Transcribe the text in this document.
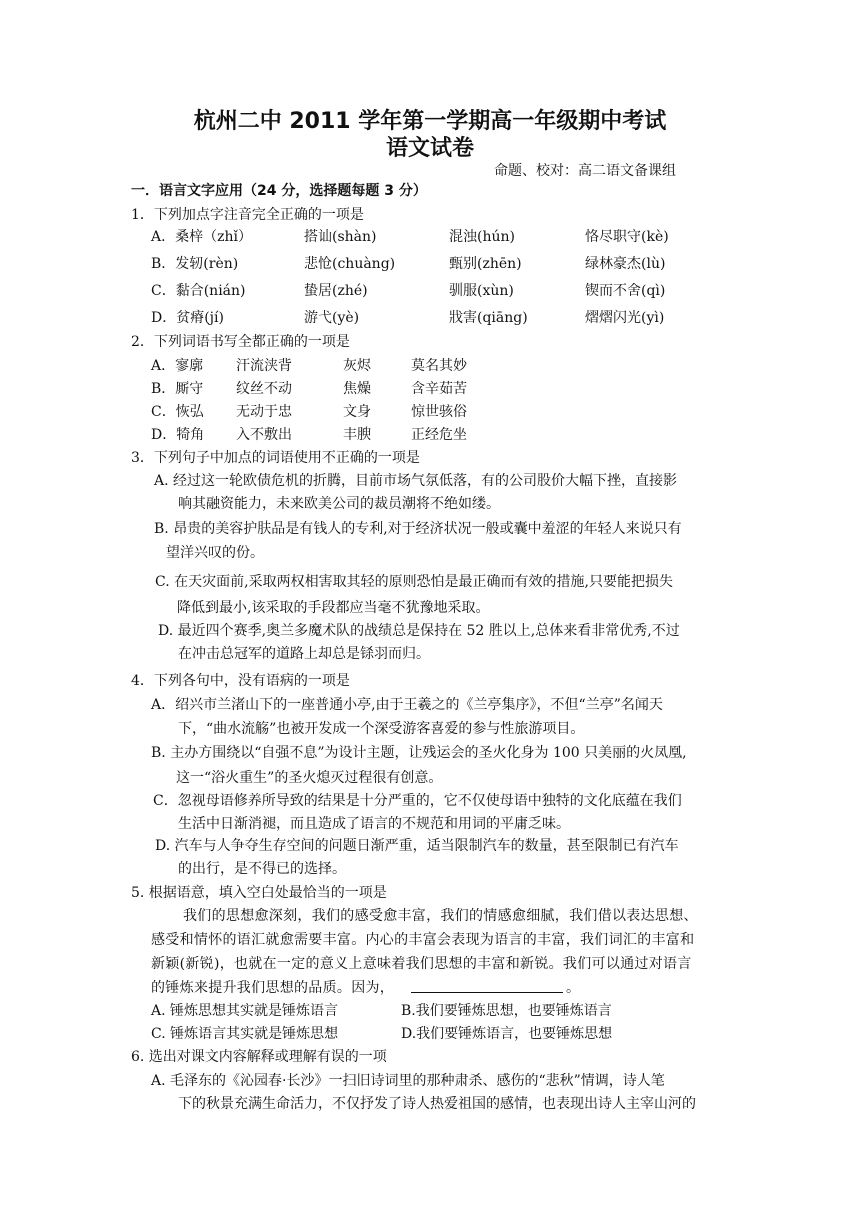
杭州二中 2011 学年第一学期高一年级期中考试
语文试卷
命题、校对：高二语文备课组
一．语言文字应用（24 分，选择题每题 3 分）
1．下列加点字注音完全正确的一项是
A．桑梓（zhǐ）	搭讪(shàn)	混浊(hún)	恪尽职守(kè)
B．发轫(rèn)	悲怆(chuàng)	甄别(zhēn)	绿林豪杰(lù)
C．黏合(nián)	蛰居(zhé)	驯服(xùn)	锲而不舍(qì)
D．贫瘠(jí)	游弋(yè)	戕害(qiāng)	熠熠闪光(yì)
2．下列词语书写全都正确的一项是
A．寥廓 汗流浃背	灰烬	莫名其妙
B．厮守 纹丝不动	焦燥	含辛茹苦
C．恢弘 无动于忠	文身	惊世骇俗
D．犄角 入不敷出	丰腴	正经危坐
3．下列句子中加点的词语使用不正确的一项是
A. 经过这一轮欧债危机的折腾，目前市场气氛低落，有的公司股价大幅下挫，直接影
响其融资能力，未来欧美公司的裁员潮将不绝如缕。
B. 昂贵的美容护肤品是有钱人的专利,对于经济状况一般或囊中羞涩的年轻人来说只有
望洋兴叹的份。
C. 在天灾面前,采取两权相害取其轻的原则恐怕是最正确而有效的措施,只要能把损失
降低到最小,该采取的手段都应当毫不犹豫地采取。
D. 最近四个赛季,奥兰多魔术队的战绩总是保持在 52 胜以上,总体来看非常优秀,不过
在冲击总冠军的道路上却总是铩羽而归。
4．下列各句中，没有语病的一项是
A．绍兴市兰渚山下的一座普通小亭,由于王羲之的《兰亭集序》，不但“兰亭”名闻天
下，“曲水流觞”也被开发成一个深受游客喜爱的参与性旅游项目。
B. 主办方围绕以“自强不息”为设计主题，让残运会的圣火化身为 100 只美丽的火凤凰,
这一“浴火重生”的圣火熄灭过程很有创意。
C．忽视母语修养所导致的结果是十分严重的，它不仅使母语中独特的文化底蕴在我们
生活中日渐消褪，而且造成了语言的不规范和用词的平庸乏味。
D. 汽车与人争夺生存空间的问题日渐严重，适当限制汽车的数量，甚至限制已有汽车
的出行，是不得已的选择。
5. 根据语意，填入空白处最恰当的一项是
我们的思想愈深刻，我们的感受愈丰富，我们的情感愈细腻，我们借以表达思想、
感受和情怀的语汇就愈需要丰富。内心的丰富会表现为语言的丰富，我们词汇的丰富和
新颖(新锐)，也就在一定的意义上意味着我们思想的丰富和新锐。我们可以通过对语言
的锤炼来提升我们思想的品质。因为，	。
A. 锤炼思想其实就是锤炼语言	B.我们要锤炼思想，也要锤炼语言
C. 锤炼语言其实就是锤炼思想	D.我们要锤炼语言，也要锤炼思想
6. 选出对课文内容解释或理解有误的一项
A. 毛泽东的《沁园春·长沙》一扫旧诗词里的那种肃杀、感伤的“悲秋”情调，诗人笔
下的秋景充满生命活力，不仅抒发了诗人热爱祖国的感情，也表现出诗人主宰山河的
